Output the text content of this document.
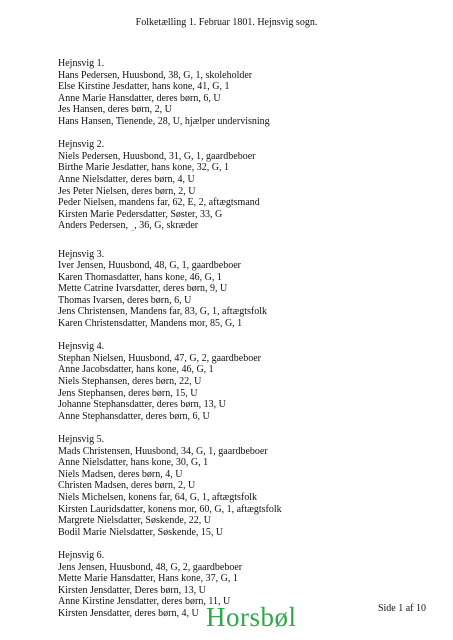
Folketælling 1. Februar 1801. Hejnsvig sogn.
Hejnsvig 1.
Hans Pedersen, Huusbond, 38, G, 1, skoleholder
Else Kirstine Jesdatter, hans kone, 41, G, 1
Anne Marie Hansdatter, deres børn, 6, U
Jes Hansen, deres børn, 2, U
Hans Hansen, Tienende, 28, U, hjælper undervisning
Hejnsvig 2.
Niels Pedersen, Huusbond, 31, G, 1, gaardbeboer
Birthe Marie Jesdatter, hans kone, 32, G, 1
Anne Nielsdatter, deres børn, 4, U
Jes Peter Nielsen, deres børn, 2, U
Peder Nielsen, mandens far, 62, E, 2, aftægtsmand
Kirsten Marie Pedersdatter, Søster, 33, G
Anders Pedersen, $_{...}$, 36, G, skræder
Hejnsvig 3.
Iver Jensen, Huusbond, 48, G, 1, gaardbeboer
Karen Thomasdatter, hans kone, 46, G, 1
Mette Catrine Ivarsdatter, deres børn, 9, U
Thomas Ivarsen, deres børn, 6, U
Jens Christensen, Mandens far, 83, G, 1, aftægtsfolk
Karen Christensdatter, Mandens mor, 85, G, 1
Hejnsvig 4.
Stephan Nielsen, Huusbond, 47, G, 2, gaardbeboer
Anne Jacobsdatter, hans kone, 46, G, 1
Niels Stephansen, deres børn, 22, U
Jens Stephansen, deres børn, 15, U
Johanne Stephansdatter, deres børn, 13, U
Anne Stephansdatter, deres børn, 6, U
Hejnsvig 5.
Mads Christensen, Huusbond, 34, G, 1, gaardbeboer
Anne Nielsdatter, hans kone, 30, G, 1
Niels Madsen, deres børn, 4, U
Christen Madsen, deres børn, 2, U
Niels Michelsen, konens far, 64, G, 1, aftægtsfolk
Kirsten Lauridsdatter, konens mor, 60, G, 1, aftægtsfolk
Margrete Nielsdatter, Søskende, 22, U
Bodil Marie Nielsdatter, Søskende, 15, U
Hejnsvig 6.
Jens Jensen, Huusbond, 48, G, 2, gaardbeboer
Mette Marie Hansdatter, Hans kone, 37, G, 1
Kirsten Jensdatter, Deres børn, 13, U
Anne Kirstine Jensdatter, deres børn, 11, U
Kirsten Jensdatter, deres børn, 4, U Horsbøl	Side 1 af 10
